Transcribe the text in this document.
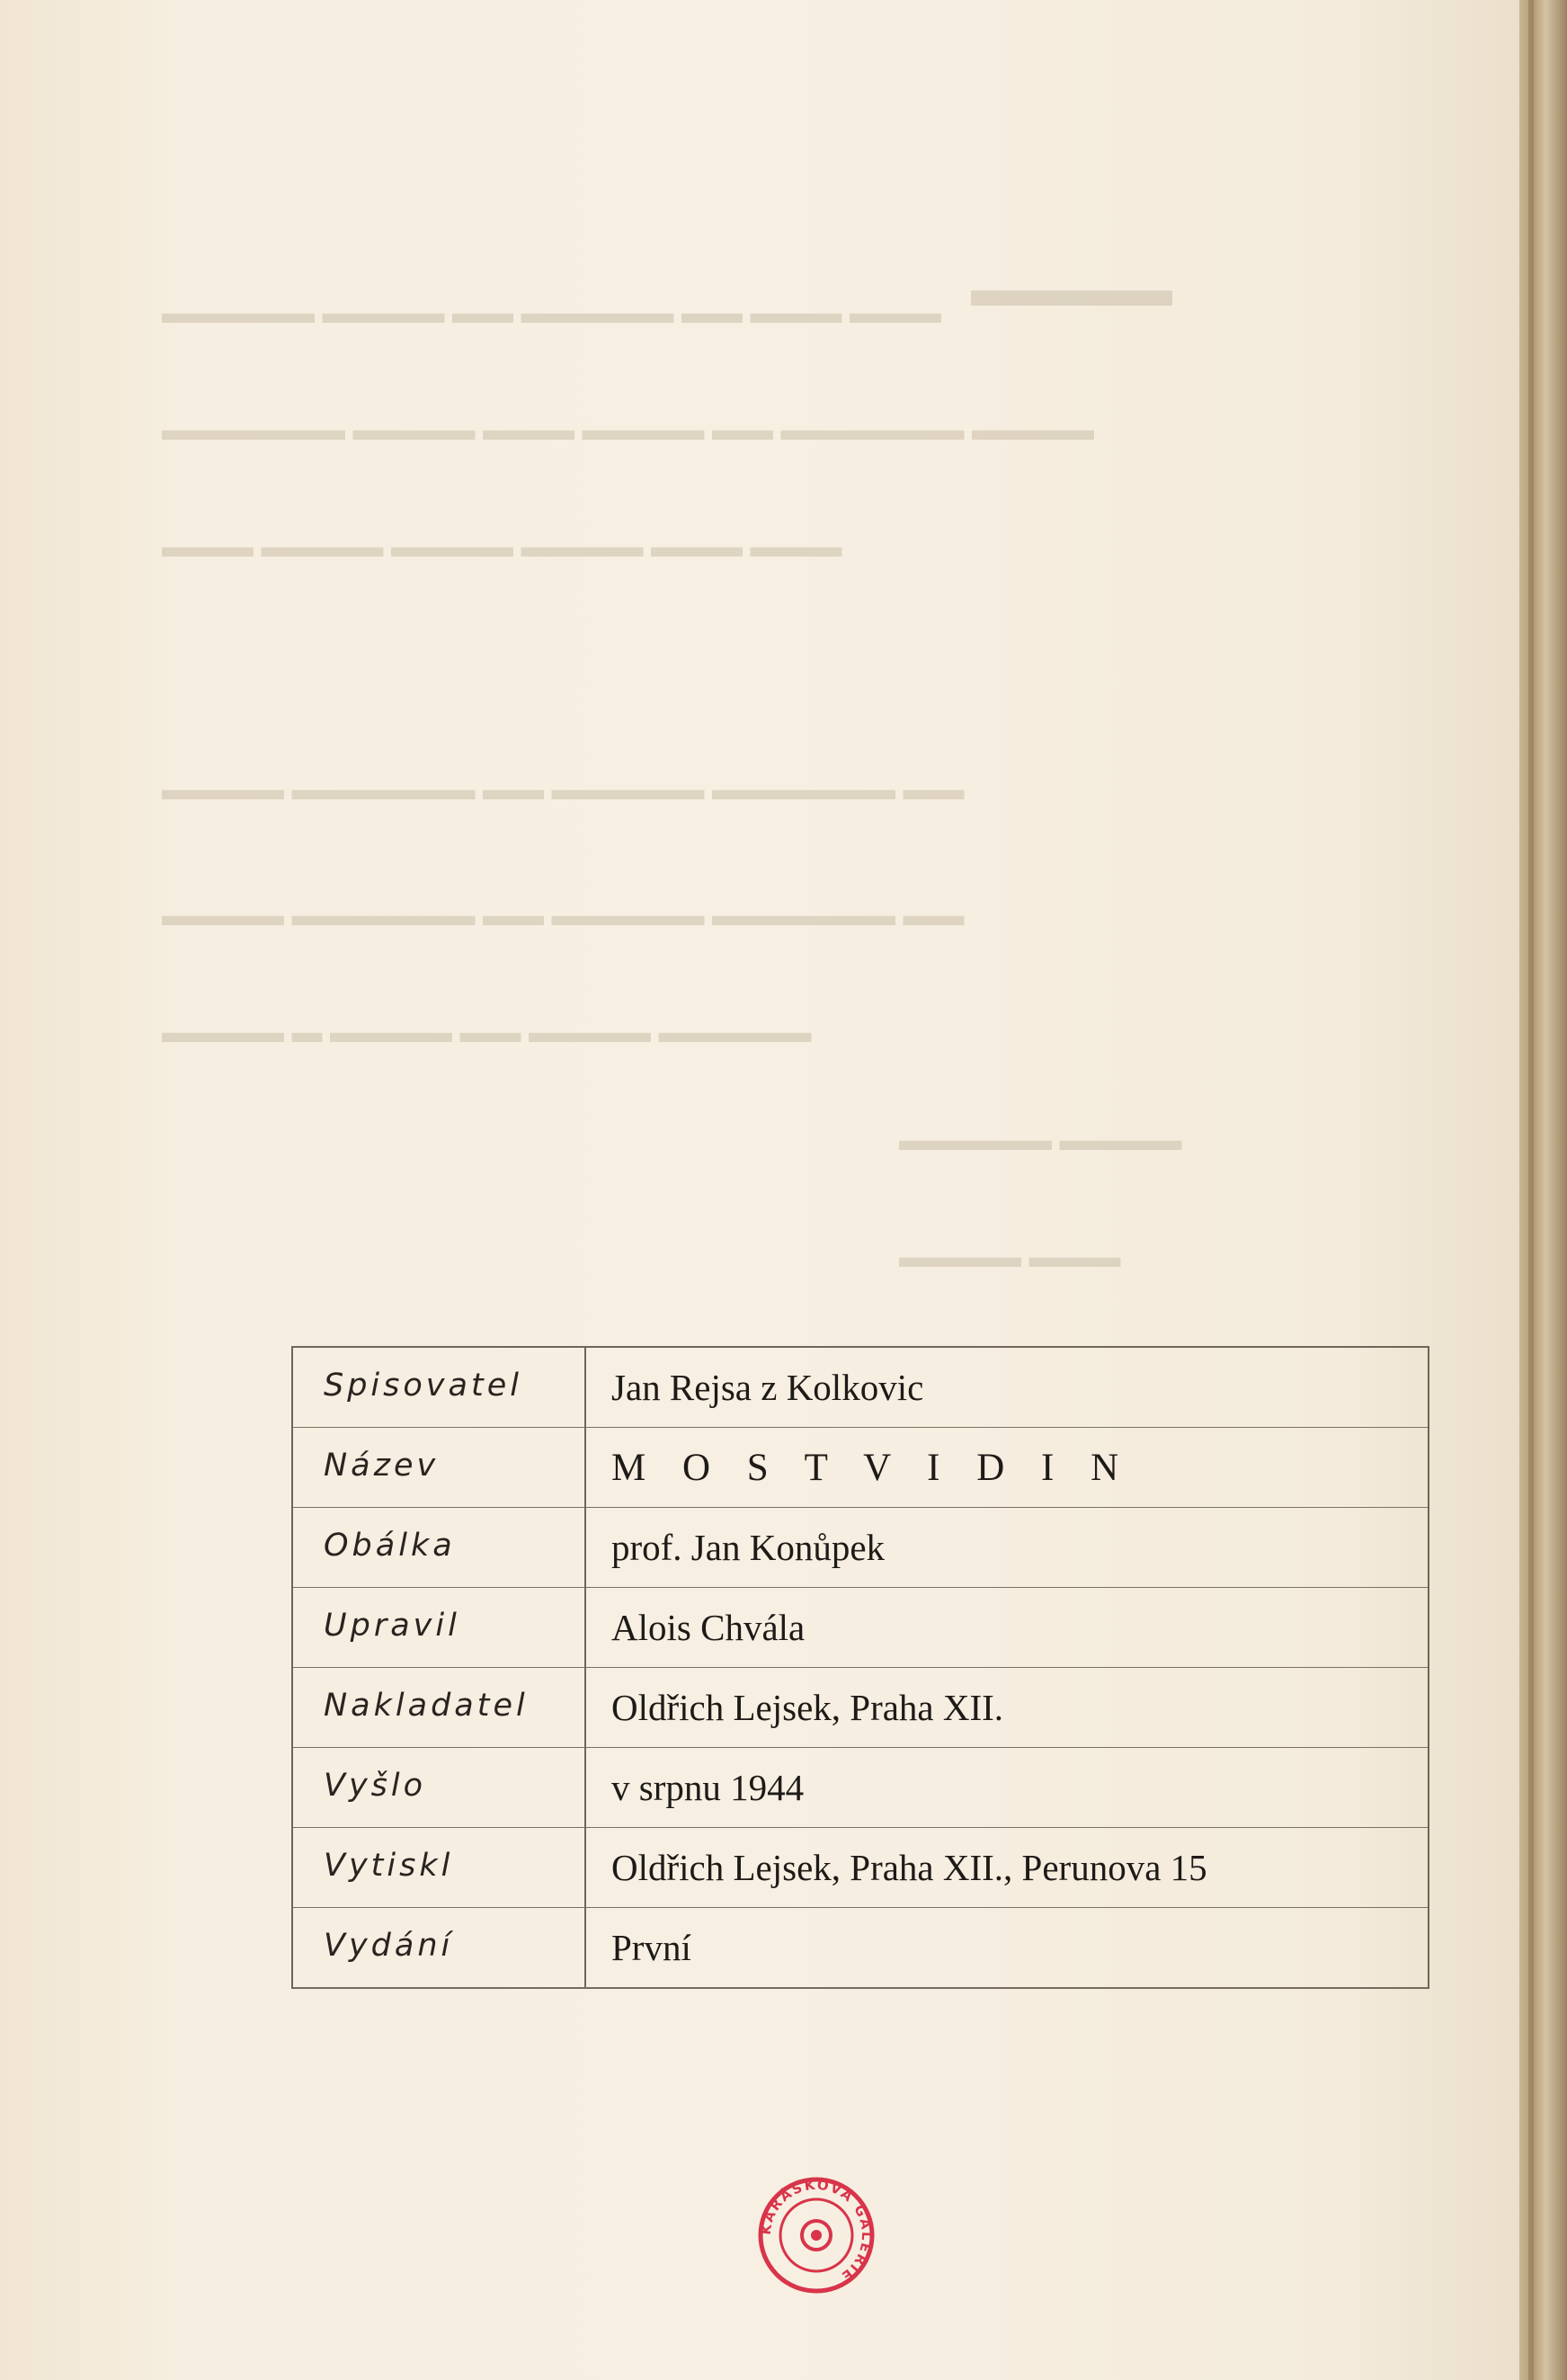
▬▬▬▬
▬▬▬ ▬▬▬ ▬▬ ▬▬▬▬▬ ▬▬ ▬▬▬▬ ▬▬▬▬▬
▬▬▬▬ ▬▬▬▬▬▬ ▬▬ ▬▬▬▬ ▬▬▬ ▬▬▬▬ ▬▬▬▬▬▬
▬▬▬ ▬▬▬ ▬▬▬▬ ▬▬▬▬ ▬▬▬▬ ▬▬▬
▬▬ ▬▬▬▬▬▬ ▬▬▬▬▬ ▬▬ ▬▬▬▬▬▬ ▬▬▬▬
▬▬ ▬▬▬▬▬▬ ▬▬▬▬▬ ▬▬ ▬▬▬▬▬▬ ▬▬▬▬
▬▬▬▬▬ ▬▬▬▬ ▬▬ ▬▬▬▬ ▬ ▬▬▬▬
▬▬▬▬ ▬▬▬▬▬
▬▬▬ ▬▬▬▬
Spisovatel Jan Rejsa z Kolkovic
Název	M O S T V I D I N
Obálka	prof. Jan Konůpek
Upravil	Alois Chvála
Nakladatel Oldřich Lejsek, Praha XII.
Vyšlo	v srpnu 1944
Vytiskl	Oldřich Lejsek, Praha XII., Perunova 15
Vydání	První
KARÁSKOVA GALERIE
